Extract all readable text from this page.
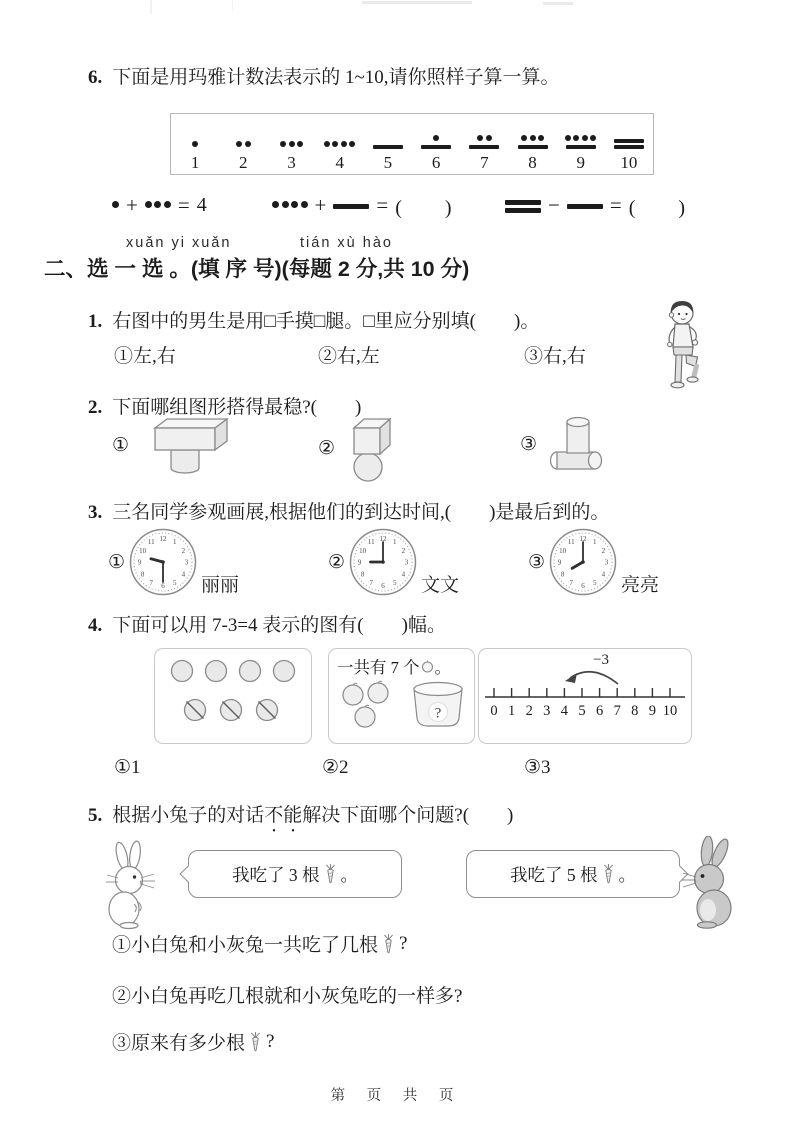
6. 下面是用玛雅计数法表示的 1~10,请你照样子算一算。
1 2 3 4 5 6 7 8 9 10
+ = 4	+ = (　　)	− = (　　)
xuǎn yi xuǎn	tián xù hào
二、选 一 选 。(填 序 号)(每题 2 分,共 10 分)
1. 右图中的男生是用□手摸□腿。□里应分别填(　　)。
①左,右	②右,左	③右,右
2. 下面哪组图形搭得最稳?(　　)
①	②	③
3. 三名同学参观画展,根据他们的到达时间,(　　)是最后到的。
①
1
2
3
4
5
6
7
8
9
10
11 12
丽丽
②
1
2
3
4
5
6
7
8
9
10
11 12
文文
③
1
2
3
4
5
6
7
8
9
10
11 12
亮亮
4. 下面可以用 7-3=4 表示的图有(　　)幅。
一共有 7 个 。
?
−3
0 1 2 3 4 5 6 7 8 9 10
①1	②2	③3
5. 根据小兔子的对话不能解决下面哪个问题?(　　)
我吃了 3 根 。	我吃了 5 根 。
①小白兔和小灰兔一共吃了几根 ?
②小白兔再吃几根就和小灰兔吃的一样多?
③原来有多少根 ?
第 页 共 页
